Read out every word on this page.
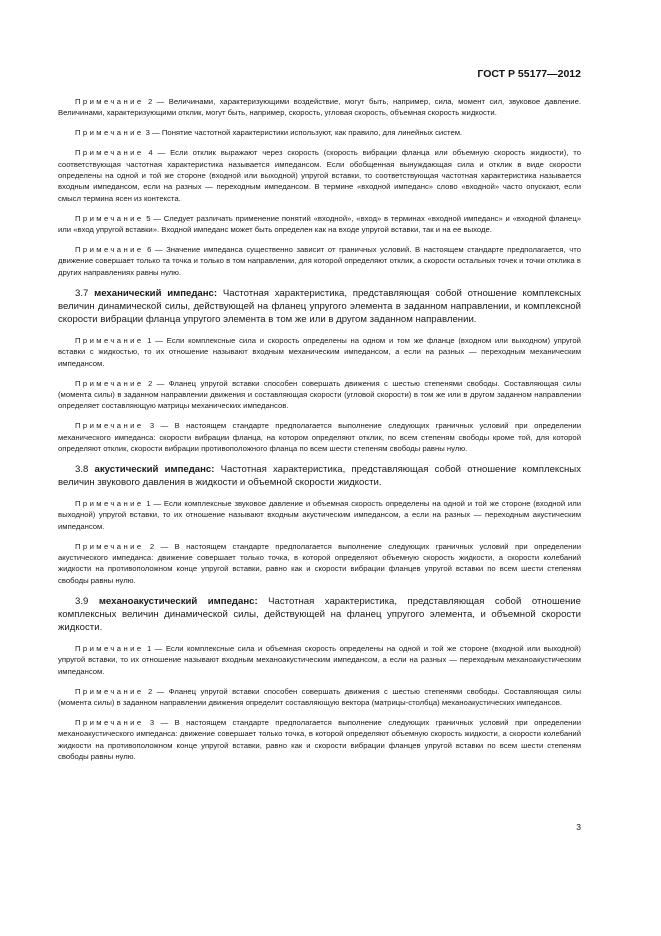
ГОСТ Р 55177—2012

Примечание 2 — Величинами, характеризующими воздействие, могут быть, например, сила, момент сил, звуковое давление. Величинами, характеризующими отклик, могут быть, например, скорость, угловая скорость, объемная скорость жидкости.

Примечание 3 — Понятие частотной характеристики используют, как правило, для линейных систем.

Примечание 4 — Если отклик выражают через скорость (скорость вибрации фланца или объемную скорость жидкости), то соответствующая частотная характеристика называется импедансом. Если обобщенная вынуждающая сила и отклик в виде скорости определены на одной и той же стороне (входной или выходной) упругой вставки, то соответствующая частотная характеристика называется входным импедансом, если на разных — переходным импедансом. В термине «входной импеданс» слово «входной» часто опускают, если смысл термина ясен из контекста.

Примечание 5 — Следует различать применение понятий «входной», «вход» в терминах «входной импеданс» и «входной фланец» или «вход упругой вставки». Входной импеданс может быть определен как на входе упругой вставки, так и на ее выходе.

Примечание 6 — Значение импеданса существенно зависит от граничных условий. В настоящем стандарте предполагается, что движение совершает только та точка и только в том направлении, для которой определяют отклик, а скорости остальных точек и точки отклика в других направлениях равны нулю.

3.7 механический импеданс: Частотная характеристика, представляющая собой отношение комплексных величин динамической силы, действующей на фланец упругого элемента в заданном направлении, и комплексной скорости вибрации фланца упругого элемента в том же или в другом заданном направлении.

Примечание 1 — Если комплексные сила и скорость определены на одном и том же фланце (входном или выходном) упругой вставки с жидкостью, то их отношение называют входным механическим импедансом, а если на разных — переходным механическим импедансом.

Примечание 2 — Фланец упругой вставки способен совершать движения с шестью степенями свободы. Составляющая силы (момента силы) в заданном направлении движения и составляющая скорости (угловой скорости) в том же или в другом заданном направлении определяет составляющую матрицы механических импедансов.

Примечание 3 — В настоящем стандарте предполагается выполнение следующих граничных условий при определении механического импеданса: скорости вибрации фланца, на котором определяют отклик, по всем степеням свободы кроме той, для которой определяют отклик, скорости вибрации противоположного фланца по всем шести степеням свободы равны нулю.

3.8 акустический импеданс: Частотная характеристика, представляющая собой отношение комплексных величин звукового давления в жидкости и объемной скорости жидкости.

Примечание 1 — Если комплексные звуковое давление и объемная скорость определены на одной и той же стороне (входной или выходной) упругой вставки, то их отношение называют входным акустическим импедансом, а если на разных — переходным акустическим импедансом.

Примечание 2 — В настоящем стандарте предполагается выполнение следующих граничных условий при определении акустического импеданса: движение совершает только точка, в которой определяют объемную скорость жидкости, а скорости колебаний жидкости на противоположном конце упругой вставки, равно как и скорости вибрации фланцев упругой вставки по всем шести степеням свободы равны нулю.

3.9 механоакустический импеданс: Частотная характеристика, представляющая собой отношение комплексных величин динамической силы, действующей на фланец упругого элемента, и объемной скорости жидкости.

Примечание 1 — Если комплексные сила и объемная скорость определены на одной и той же стороне (входной или выходной) упругой вставки, то их отношение называют входным механоакустическим импедансом, а если на разных — переходным механоакустическим импедансом.

Примечание 2 — Фланец упругой вставки способен совершать движения с шестью степенями свободы. Составляющая силы (момента силы) в заданном направлении движения определит составляющую вектора (матрицы-столбца) механоакустических импедансов.

Примечание 3 — В настоящем стандарте предполагается выполнение следующих граничных условий при определении механоакустического импеданса: движение совершает только точка, в которой определяют объемную скорость жидкости, а скорости колебаний жидкости на противоположном конце упругой вставки, равно как и скорости вибрации фланцев упругой вставки по всем шести степеням свободы равны нулю.

3
